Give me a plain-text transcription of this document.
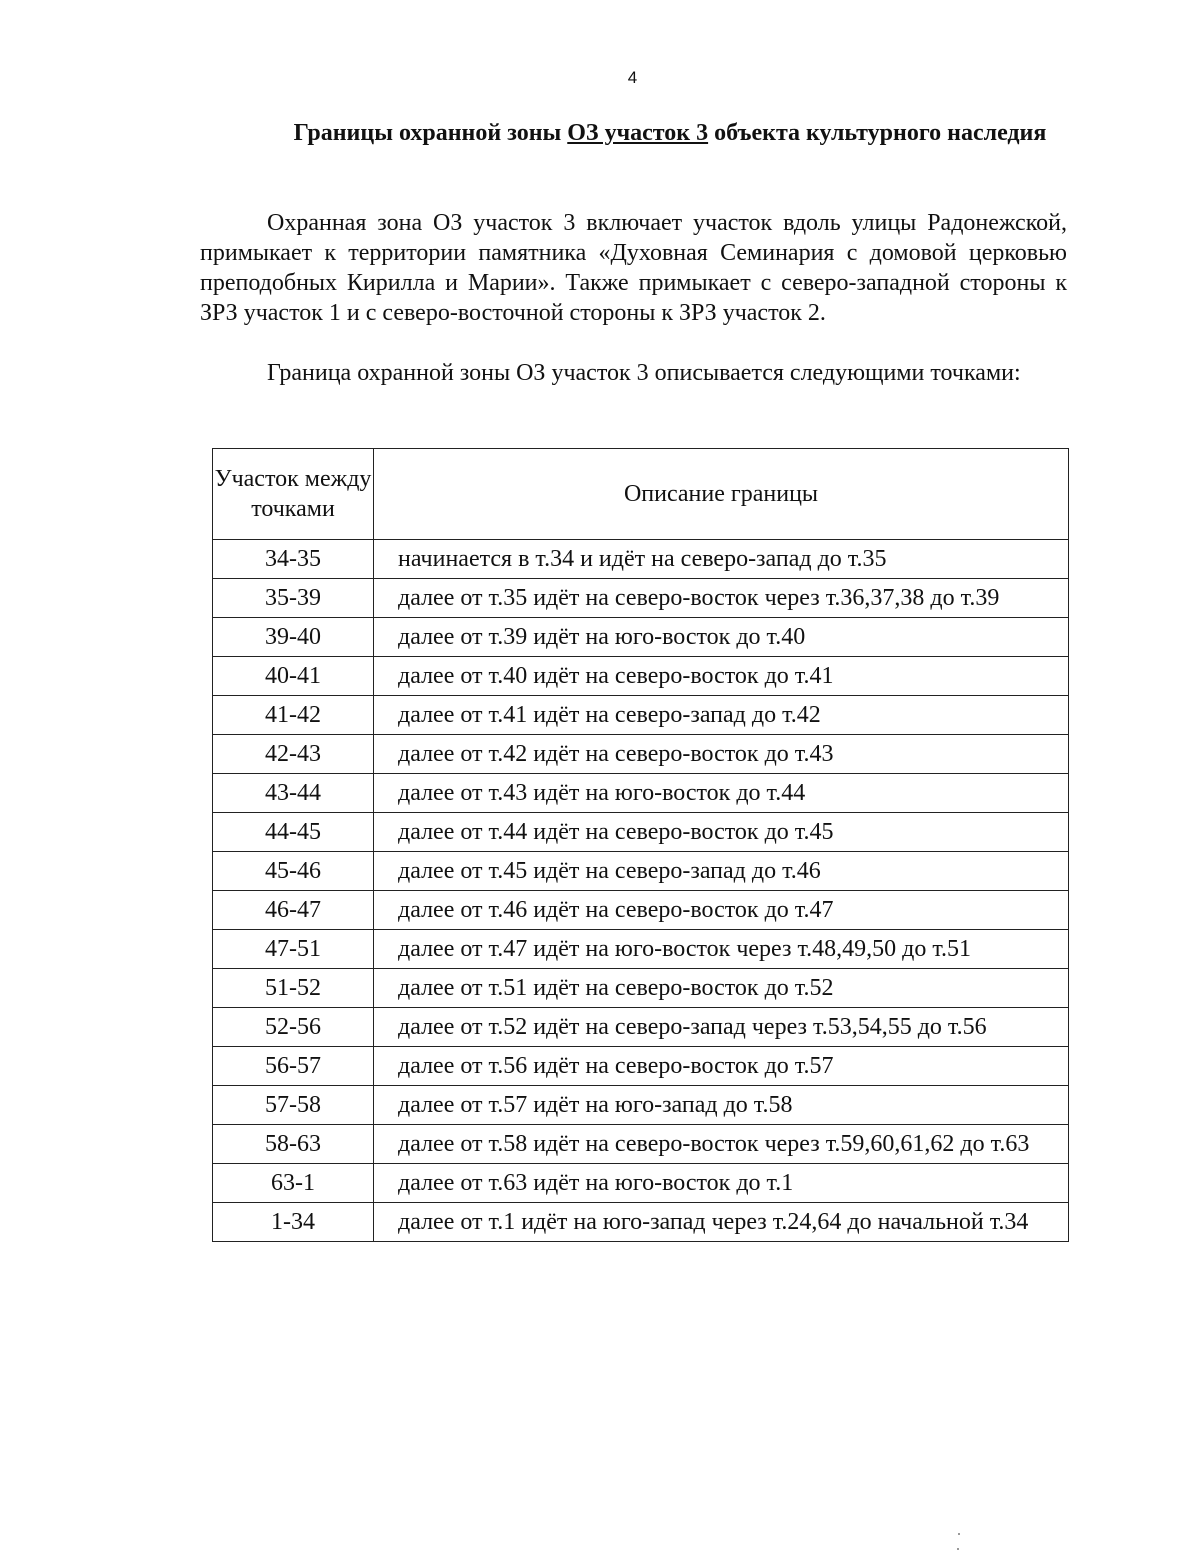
4
Границы охранной зоны ОЗ участок 3 объекта культурного наследия
Охранная зона ОЗ участок 3 включает участок вдоль улицы Радонежской, примыкает к территории памятника «Духовная Семинария с домовой церковью преподобных Кирилла и Марии». Также примыкает с северо-западной стороны к ЗРЗ участок 1 и с северо-восточной стороны к ЗРЗ участок 2.
Граница охранной зоны ОЗ участок 3 описывается следующими точками:
Участок между точками	Описание границы
34-35	начинается в т.34 и идёт на северо-запад до т.35
35-39	далее от т.35 идёт на северо-восток через т.36,37,38 до т.39
39-40	далее от т.39 идёт на юго-восток до т.40
40-41	далее от т.40 идёт на северо-восток до т.41
41-42	далее от т.41 идёт на северо-запад до т.42
42-43	далее от т.42 идёт на северо-восток до т.43
43-44	далее от т.43 идёт на юго-восток до т.44
44-45	далее от т.44 идёт на северо-восток до т.45
45-46	далее от т.45 идёт на северо-запад до т.46
46-47	далее от т.46 идёт на северо-восток до т.47
47-51	далее от т.47 идёт на юго-восток через т.48,49,50 до т.51
51-52	далее от т.51 идёт на северо-восток до т.52
52-56	далее от т.52 идёт на северо-запад через т.53,54,55 до т.56
56-57	далее от т.56 идёт на северо-восток до т.57
57-58	далее от т.57 идёт на юго-запад до т.58
58-63	далее от т.58 идёт на северо-восток через т.59,60,61,62 до т.63
63-1	далее от т.63 идёт на юго-восток до т.1
1-34	далее от т.1 идёт на юго-запад через т.24,64 до начальной т.34
